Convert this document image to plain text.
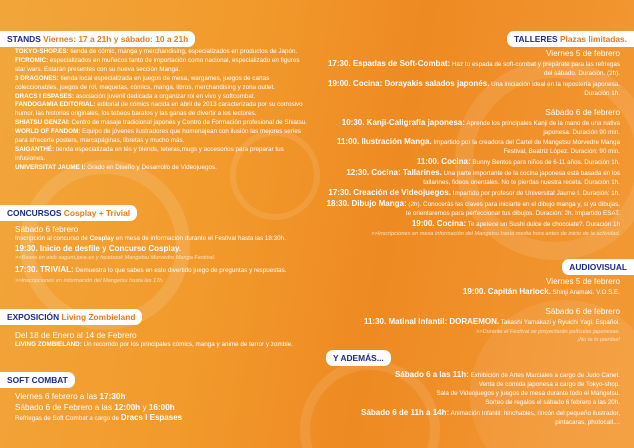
STANDS Viernes: 17 a 21h y sábado: 10 a 21h
TOKYO-SHOP.ES: tienda de cómic, manga y merchandising, especializados en productos de Japón.
FICROMIC: especializados en muñecos tanto de importación como nacional, especializado en figures star wars. Estarán presentes con su nueva sección Manga.
3 DRAGONES: tienda local especializada en juegos de mesa, wargames, juegos de cartas coleccionables, juegos de rol, maquetas, cómics, manga, libros, merchandising y zona outlet.
DRACS I ESPASES: asociación juvenil dedicada a organizar rol en vivo y softcombat.
FANDOGAMIA EDITORIAL: editorial de cómics nacida en abril de 2013 caracterizada por su corrosivo humor, las historias originales, los tebeos baratos y las ganas de divertir a los lectores.
SHIATSU GENZAI: Centro de masaje tradicional japonés y Centro de Formación profesional de Shiatsu.
WORLD OF FANDOM: Equipo de jóvenes ilustradores que homenajean con ilusión las mejores series para afrecerte posters, marcapáginas, libretas y mucho más.
SAIGANTHÉ: tienda especializada en tés y blends, teteras,mugs y accesorios para preparar tus infusiones.
UNIVERSITAT JAUME I: Grado en Diseño y Desarrollo de Videojuegos.
CONCURSOS Cosplay + Trivial
Sábado 6 febrero
Inscripción al concurso de Cosplay en mesa de información durante el Festival hasta las 18:30h.
19:30. Inicio de desfile y Concurso Cosplay.
>>Bases en web sagunt.jove.es y facebook Mangetsu Morvedre Manga Festival.
17:30. TRIVIAL: Demuestra lo que sabes en este divertido juego de preguntas y respuestas.
>>Inscripciones en información del Mangetsu hasta las 17h.
EXPOSICIÓN Living Zombieland
Del 18 de Enero al 14 de Febrero
LIVING ZOMBIELAND: Un recorrido por los principales cómics, manga y anime de terror y zombie.
SOFT COMBAT
Viernes 6 febrero a las 17:30h
Sábado 6 de Febrero a las 12:00h y 16:00h
Refriegas de Soft Combat a cargo de Dracs I Espases
TALLERES Plazas limitadas.
Viernes 5 de febrero
17:30. Espadas de Soft-Combat: Haz tu espada de soft-combat y prepárate para las refriegas del sábado. Duración. (2h).
19:00. Cocina: Dorayakis salados japonés. Una iniciación ideal en la repostería japonesa. Duración 1h.
Sábado 6 de febrero
10:30. Kanji-Caligrafía japonesa: Aprende los principales Kanji de la mano de una nativa japonesa. Duración 90 min.
11:00. Ilustración Manga. Impartido por la creadora del Cartel de Mangetsu Morvedre Manga Festival, Beatriz López. Duración: 90 min.
11:00. Cocina: Bunny Bentos para niños de 6-11 años. Duración 1h.
12:30. Cocina: Tallarines. Una parte importante de la cocina japonesa está basada en los tallarines, fideos orientales. No te pierdas nuestra receta. Duración 1h.
17:30. Creación de Videojuegos. Impartido por profesor de Universitat Jaume I. Duración: 1h.
18:30. Dibujo Manga: (2h). Conocerás las claves para iniciarte en el dibujo manga y, si ya dibujas, te orientaremos para perfeccionar tus dibujos. Duración: 2h. Impartido ESAT.
19:00. Cocina: Te apetece un Sushi dulce de chocolate?. Duración 1h
>>Inscripciones en mesa información del Mangetsu hasta media hora antes de inicio de la actividad.
AUDIOVISUAL
Viernes 5 de febrero
19:00. Capitán Harlock. Shinji Aramaki. V.O.S.E.
Sábado 6 de febrero
11:30. Matinal Infantil: DORAEMON. Takashi Yamakazi y Ryuichi Yagi. Español.
>>Durante el Festival se proyectarán películas japonesas.
¡No te lo pierdas!
Y ADEMÁS...
Sábado 6 a las 11h: Exhibición de Artes Marciales a cargo de Judo Canet.
Venta de comida japonesa a cargo de Tokyo-shop.
Sala de Videojuegos y juegos de mesa durante todo el Mangetsu.
Sorteo de regalos el sábado 6 febrero a las 20h.
Sábado 6 de 11h a 14h: Animación Infantil: hinchables, rincón del pequeño ilustrador,
pintacaras, photocall....
